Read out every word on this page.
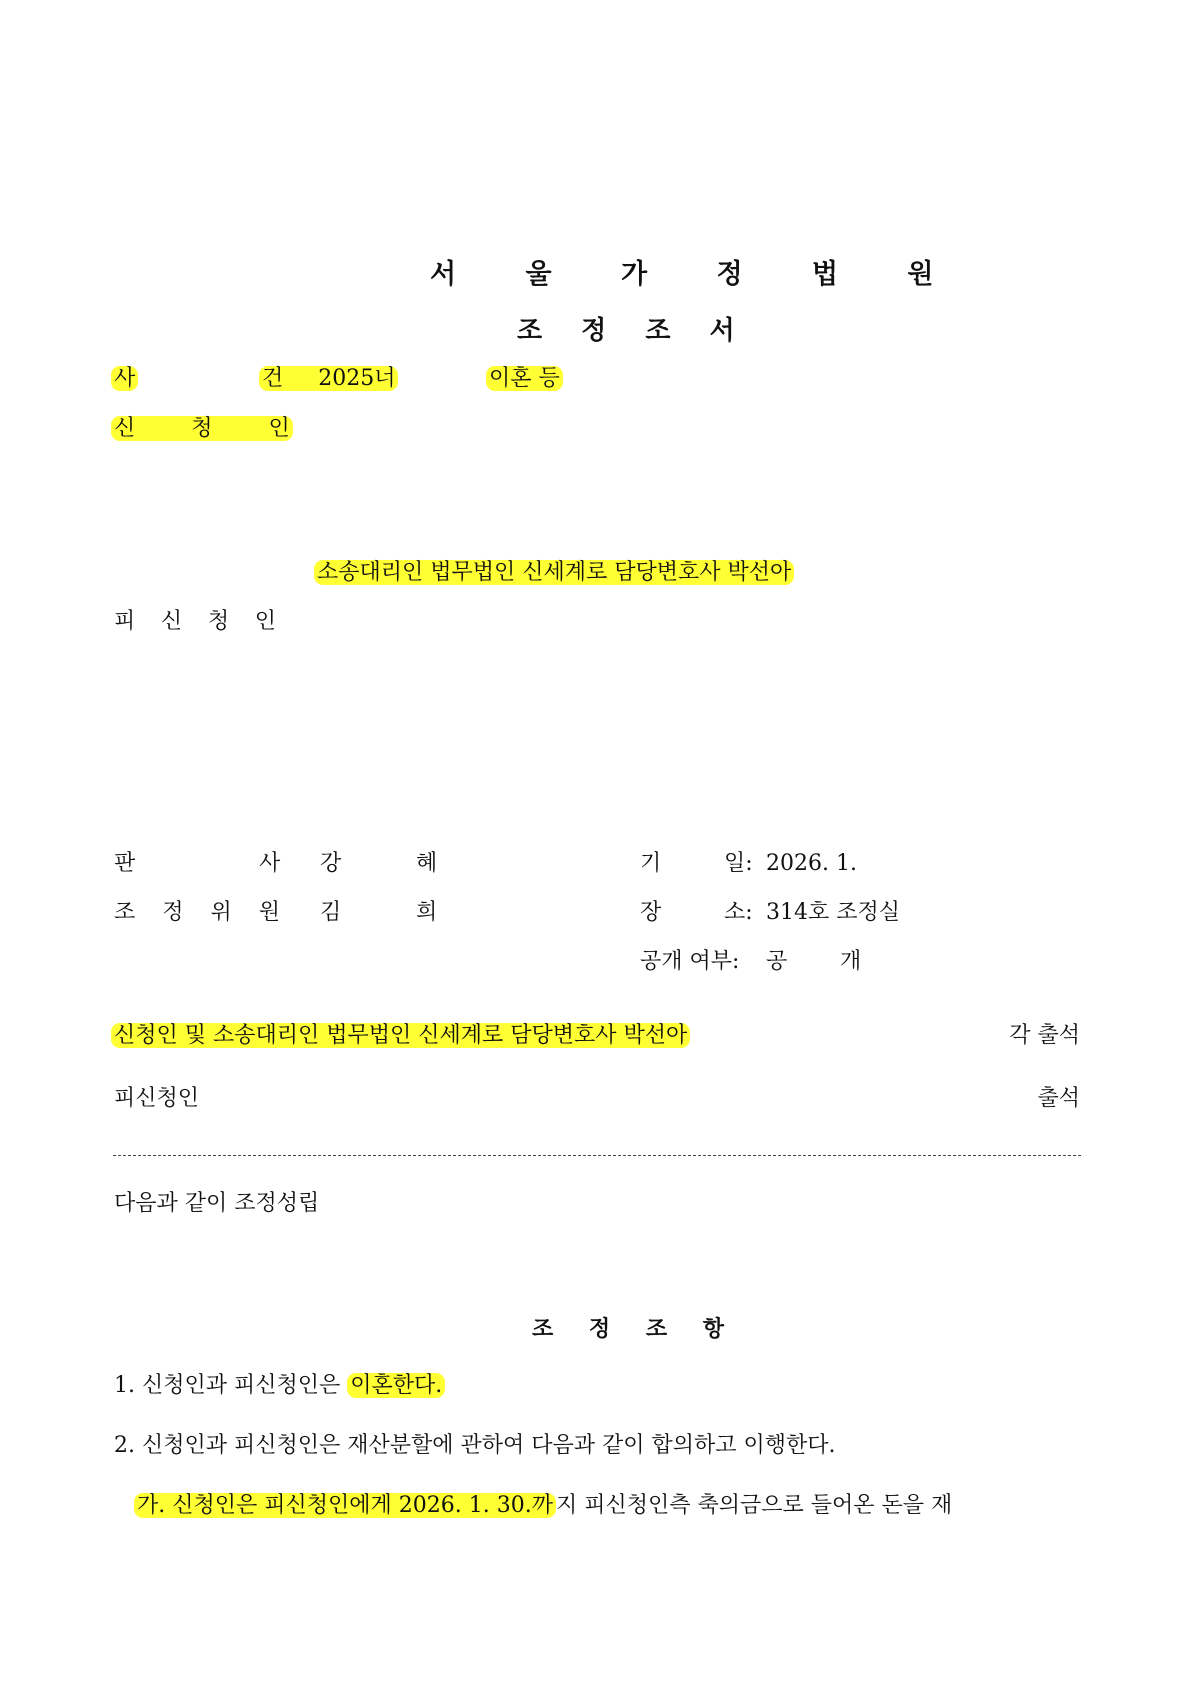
서 울 가 정 법 원
조 정 조 서
사	건 2025너	이혼 등
신	청	인
소송대리인 법무법인 신세계로 담당변호사 박선아
피 신 청 인
판	사 강	혜	기	일: 2026. 1.
조 정 위 원 김	희	장	소: 314호 조정실
공개 여부: 공 개
신청인 및 소송대리인 법무법인 신세계로 담당변호사 박선아	각 출석
피신청인	출석
다음과 같이 조정성립
조 정 조 항
1. 신청인과 피신청인은 이혼한다.
2. 신청인과 피신청인은 재산분할에 관하여 다음과 같이 합의하고 이행한다.
가. 신청인은 피신청인에게 2026. 1. 30.까 지 피신청인측 축의금으로 들어온 돈을 재
